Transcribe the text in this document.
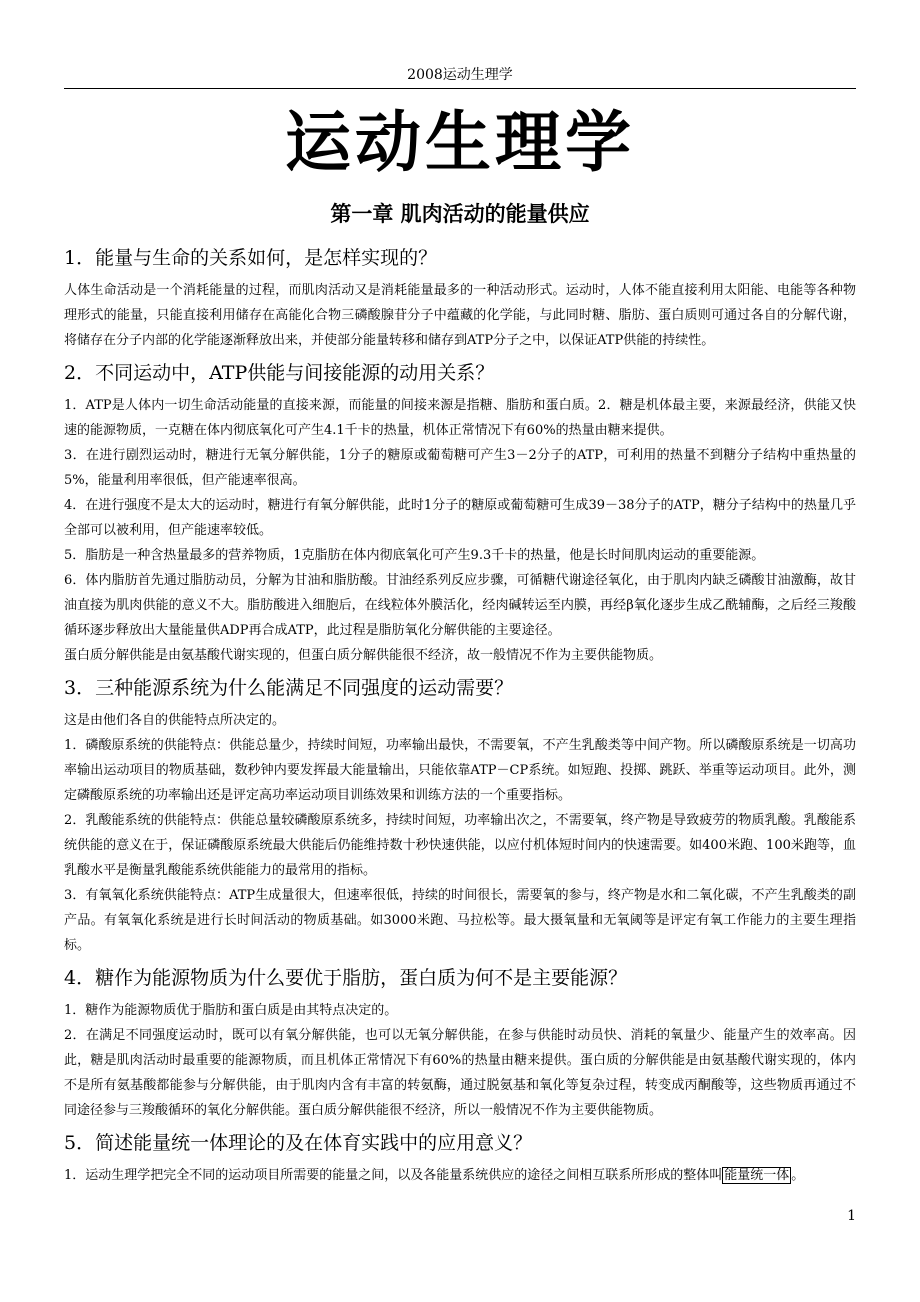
2008运动生理学
运动生理学
第一章 肌肉活动的能量供应
1．能量与生命的关系如何，是怎样实现的？

人体生命活动是一个消耗能量的过程，而肌肉活动又是消耗能量最多的一种活动形式。运动时，人体不能直接利用太阳能、电能等各种物理形式的能量，只能直接利用储存在高能化合物三磷酸腺苷分子中蕴藏的化学能，与此同时糖、脂肪、蛋白质则可通过各自的分解代谢，将储存在分子内部的化学能逐渐释放出来，并使部分能量转移和储存到ATP分子之中，以保证ATP供能的持续性。

2．不同运动中，ATP供能与间接能源的动用关系？

1．ATP是人体内一切生命活动能量的直接来源，而能量的间接来源是指糖、脂肪和蛋白质。2．糖是机体最主要，来源最经济，供能又快速的能源物质，一克糖在体内彻底氧化可产生4.1千卡的热量，机体正常情况下有60%的热量由糖来提供。

3．在进行剧烈运动时，糖进行无氧分解供能，1分子的糖原或葡萄糖可产生3－2分子的ATP，可利用的热量不到糖分子结构中重热量的5%，能量利用率很低，但产能速率很高。

4．在进行强度不是太大的运动时，糖进行有氧分解供能，此时1分子的糖原或葡萄糖可生成39－38分子的ATP，糖分子结构中的热量几乎全部可以被利用，但产能速率较低。

5．脂肪是一种含热量最多的营养物质，1克脂肪在体内彻底氧化可产生9.3千卡的热量，他是长时间肌肉运动的重要能源。

6．体内脂肪首先通过脂肪动员，分解为甘油和脂肪酸。甘油经系列反应步骤，可循糖代谢途径氧化，由于肌肉内缺乏磷酸甘油激酶，故甘油直接为肌肉供能的意义不大。脂肪酸进入细胞后，在线粒体外膜活化，经肉碱转运至内膜，再经β氧化逐步生成乙酰辅酶，之后经三羧酸循环逐步释放出大量能量供ADP再合成ATP，此过程是脂肪氧化分解供能的主要途径。

蛋白质分解供能是由氨基酸代谢实现的，但蛋白质分解供能很不经济，故一般情况不作为主要供能物质。

3．三种能源系统为什么能满足不同强度的运动需要？

这是由他们各自的供能特点所决定的。

1．磷酸原系统的供能特点：供能总量少，持续时间短，功率输出最快，不需要氧，不产生乳酸类等中间产物。所以磷酸原系统是一切高功率输出运动项目的物质基础，数秒钟内要发挥最大能量输出，只能依靠ATP－CP系统。如短跑、投掷、跳跃、举重等运动项目。此外，测定磷酸原系统的功率输出还是评定高功率运动项目训练效果和训练方法的一个重要指标。

2．乳酸能系统的供能特点：供能总量较磷酸原系统多，持续时间短，功率输出次之，不需要氧，终产物是导致疲劳的物质乳酸。乳酸能系统供能的意义在于，保证磷酸原系统最大供能后仍能维持数十秒快速供能，以应付机体短时间内的快速需要。如400米跑、100米跑等，血乳酸水平是衡量乳酸能系统供能能力的最常用的指标。

3．有氧氧化系统供能特点：ATP生成量很大，但速率很低，持续的时间很长，需要氧的参与，终产物是水和二氧化碳，不产生乳酸类的副产品。有氧氧化系统是进行长时间活动的物质基础。如3000米跑、马拉松等。最大摄氧量和无氧阈等是评定有氧工作能力的主要生理指标。

4．糖作为能源物质为什么要优于脂肪，蛋白质为何不是主要能源？

1．糖作为能源物质优于脂肪和蛋白质是由其特点决定的。

2．在满足不同强度运动时，既可以有氧分解供能，也可以无氧分解供能，在参与供能时动员快、消耗的氧量少、能量产生的效率高。因此，糖是肌肉活动时最重要的能源物质，而且机体正常情况下有60%的热量由糖来提供。蛋白质的分解供能是由氨基酸代谢实现的，体内不是所有氨基酸都能参与分解供能，由于肌肉内含有丰富的转氨酶，通过脱氨基和氧化等复杂过程，转变成丙酮酸等，这些物质再通过不同途径参与三羧酸循环的氧化分解供能。蛋白质分解供能很不经济，所以一般情况不作为主要供能物质。

5．简述能量统一体理论的及在体育实践中的应用意义？

1．运动生理学把完全不同的运动项目所需要的能量之间，以及各能量系统供应的途径之间相互联系所形成的整体叫 能量统一体 。

1
